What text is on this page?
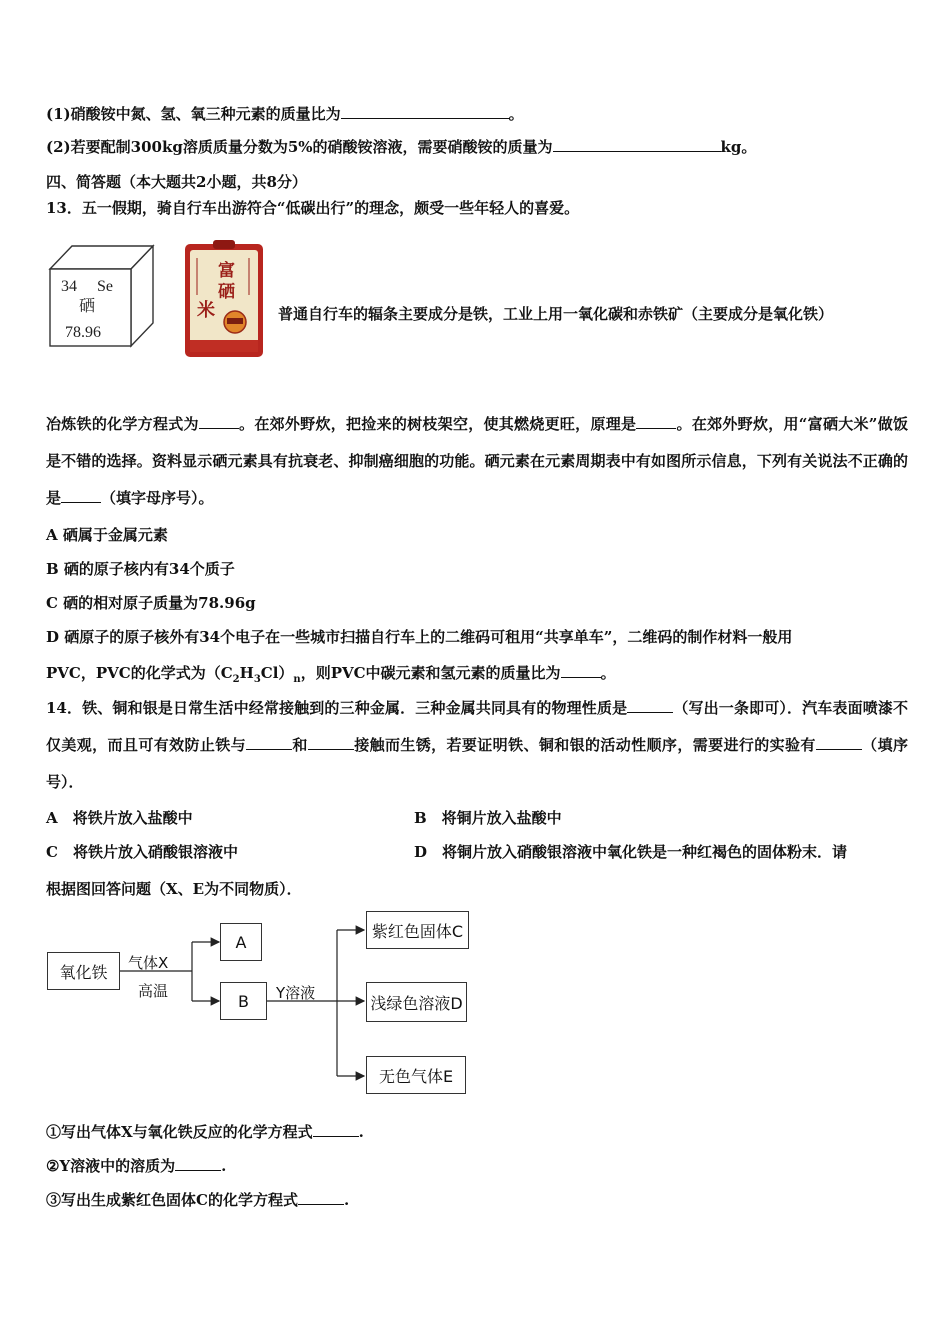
(1)硝酸铵中氮、氢、氧三种元素的质量比为	。
(2)若要配制300kg溶质质量分数为5%的硝酸铵溶液，需要硝酸铵的质量为	kg。
四、简答题（本大题共2小题，共8分）
13．五一假期，骑自行车出游符合“低碳出行”的理念，颇受一些年轻人的喜爱。
34 Se
硒
78.96
富
硒
米	普通自行车的辐条主要成分是铁，工业上用一氧化碳和赤铁矿（主要成分是氧化铁）
冶炼铁的化学方程式为	。在郊外野炊，把捡来的树枝架空，使其燃烧更旺，原理是	。在郊外野炊，用“富硒大米”做饭是不错的选择。资料显示硒元素具有抗衰老、抑制癌细胞的功能。硒元素在元素周期表中有如图所示信息，下列有关说法不正确的是	（填字母序号）。
A 硒属于金属元素
B 硒的原子核内有34个质子
C 硒的相对原子质量为78.96g
D 硒原子的原子核外有34个电子在一些城市扫描自行车上的二维码可租用“共享单车”，二维码的制作材料一般用
PVC，PVC的化学式为$(C_2H_3Cl)_n$，则PVC中碳元素和氢元素的质量比为	。
14．铁、铜和银是日常生活中经常接触到的三种金属．三种金属共同具有的物理性质是	（写出一条即可）．汽车表面喷漆不仅美观，而且可有效防止铁与	和	接触而生锈，若要证明铁、铜和银的活动性顺序，需要进行的实验有	（填序号）．
A　将铁片放入盐酸中	B　将铜片放入盐酸中
C　将铁片放入硝酸银溶液中	D　将铜片放入硝酸银溶液中氧化铁是一种红褐色的固体粉末．请
根据图回答问题（X、E为不同物质）．
氧化铁	气体X
高温
A
B	Y溶液
紫红色固体C
浅绿色溶液D
无色气体E
①写出气体X与氧化铁反应的化学方程式	.
②Y溶液中的溶质为	.
③写出生成紫红色固体C的化学方程式	.
